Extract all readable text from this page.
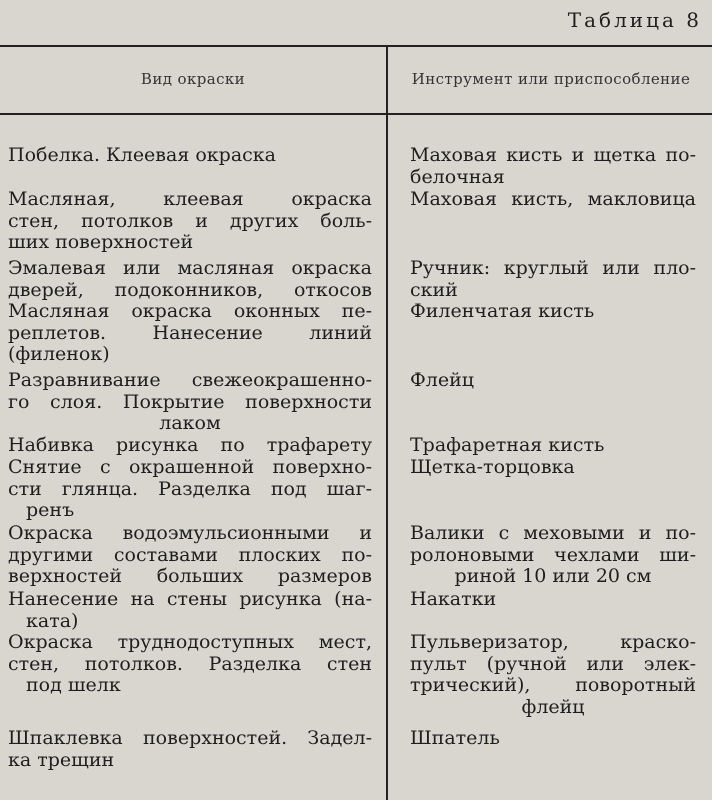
Таблица 8
Вид окраски	Инструмент или приспособление
Побелка. Клеевая окраска	Маховая кисть и щетка по-
белочная
Масляная, клеевая окраска
стен, потолков и других боль-
ших поверхностей
Маховая кисть, макловица
Эмалевая или масляная окраска
дверей, подоконников, откосов
Ручник: круглый или пло-
ский
Масляная окраска оконных пе-
реплетов. Нанесение линий
(филенок)
Филенчатая кисть
Разравнивание свежеокрашенно-
го слоя. Покрытие поверхности
лаком
Флейц
Набивка рисунка по трафарету Трафаретная кисть
Снятие с окрашенной поверхно-
сти глянца. Разделка под шаг-
ренъ
Щетка-торцовка
Окраска водоэмульсионными и
другими составами плоских по-
верхностей больших размеров
Валики с меховыми и по-
ролоновыми чехлами ши-
риной 10 или 20 см
Нанесение на стены рисунка (на-
ката)
Накатки
Окраска труднодоступных мест,
стен, потолков. Разделка стен
под шелк
Пульверизатор, краско-
пульт (ручной или элек-
трический), поворотный
флейц
Шпаклевка поверхностей. Задел-
ка трещин
Шпатель
